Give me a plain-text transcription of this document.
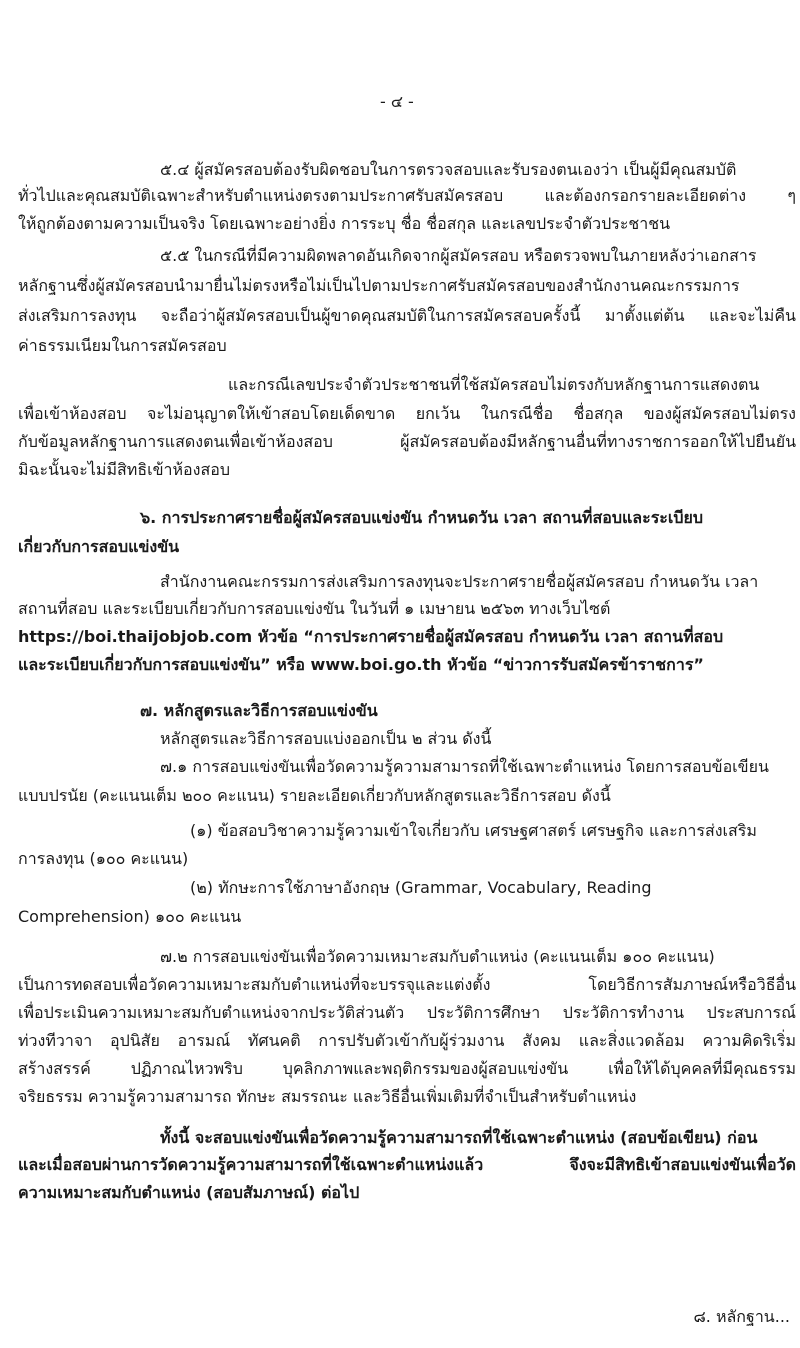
- ๔ -
๕.๔ ผู้สมัครสอบต้องรับผิดชอบในการตรวจสอบและรับรองตนเองว่า เป็นผู้มีคุณสมบัติ
ทั่วไปและคุณสมบัติเฉพาะสำหรับตำแหน่งตรงตามประกาศรับสมัครสอบ และต้องกรอกรายละเอียดต่าง ๆ
ให้ถูกต้องตามความเป็นจริง โดยเฉพาะอย่างยิ่ง การระบุ ชื่อ ชื่อสกุล และเลขประจำตัวประชาชน
๕.๕ ในกรณีที่มีความผิดพลาดอันเกิดจากผู้สมัครสอบ หรือตรวจพบในภายหลังว่าเอกสาร
หลักฐานซึ่งผู้สมัครสอบนำมายื่นไม่ตรงหรือไม่เป็นไปตามประกาศรับสมัครสอบของสำนักงานคณะกรรมการ
ส่งเสริมการลงทุน จะถือว่าผู้สมัครสอบเป็นผู้ขาดคุณสมบัติในการสมัครสอบครั้งนี้ มาตั้งแต่ต้น และจะไม่คืน
ค่าธรรมเนียมในการสมัครสอบ
และกรณีเลขประจำตัวประชาชนที่ใช้สมัครสอบไม่ตรงกับหลักฐานการแสดงตน
เพื่อเข้าห้องสอบ จะไม่อนุญาตให้เข้าสอบโดยเด็ดขาด ยกเว้น ในกรณีชื่อ ชื่อสกุล ของผู้สมัครสอบไม่ตรง
กับข้อมูลหลักฐานการแสดงตนเพื่อเข้าห้องสอบ ผู้สมัครสอบต้องมีหลักฐานอื่นที่ทางราชการออกให้ไปยืนยัน
มิฉะนั้นจะไม่มีสิทธิเข้าห้องสอบ
๖. การประกาศรายชื่อผู้สมัครสอบแข่งขัน กำหนดวัน เวลา สถานที่สอบและระเบียบ
เกี่ยวกับการสอบแข่งขัน
สำนักงานคณะกรรมการส่งเสริมการลงทุนจะประกาศรายชื่อผู้สมัครสอบ กำหนดวัน เวลา
สถานที่สอบ และระเบียบเกี่ยวกับการสอบแข่งขัน ในวันที่ ๑ เมษายน ๒๕๖๓ ทางเว็บไซต์
https://boi.thaijobjob.com หัวข้อ “การประกาศรายชื่อผู้สมัครสอบ กำหนดวัน เวลา สถานที่สอบ
และระเบียบเกี่ยวกับการสอบแข่งขัน” หรือ www.boi.go.th หัวข้อ “ข่าวการรับสมัครข้าราชการ”
๗. หลักสูตรและวิธีการสอบแข่งขัน
หลักสูตรและวิธีการสอบแบ่งออกเป็น ๒ ส่วน ดังนี้
๗.๑ การสอบแข่งขันเพื่อวัดความรู้ความสามารถที่ใช้เฉพาะตำแหน่ง โดยการสอบข้อเขียน
แบบปรนัย (คะแนนเต็ม ๒๐๐ คะแนน) รายละเอียดเกี่ยวกับหลักสูตรและวิธีการสอบ ดังนี้
(๑) ข้อสอบวิชาความรู้ความเข้าใจเกี่ยวกับ เศรษฐศาสตร์ เศรษฐกิจ และการส่งเสริม
การลงทุน (๑๐๐ คะแนน)
(๒) ทักษะการใช้ภาษาอังกฤษ (Grammar, Vocabulary, Reading
Comprehension) ๑๐๐ คะแนน
๗.๒ การสอบแข่งขันเพื่อวัดความเหมาะสมกับตำแหน่ง (คะแนนเต็ม ๑๐๐ คะแนน)
เป็นการทดสอบเพื่อวัดความเหมาะสมกับตำแหน่งที่จะบรรจุและแต่งตั้ง โดยวิธีการสัมภาษณ์หรือวิธีอื่น
เพื่อประเมินความเหมาะสมกับตำแหน่งจากประวัติส่วนตัว ประวัติการศึกษา ประวัติการทำงาน ประสบการณ์
ท่วงทีวาจา อุปนิสัย อารมณ์ ทัศนคติ การปรับตัวเข้ากับผู้ร่วมงาน สังคม และสิ่งแวดล้อม ความคิดริเริ่ม
สร้างสรรค์ ปฏิภาณไหวพริบ บุคลิกภาพและพฤติกรรมของผู้สอบแข่งขัน เพื่อให้ได้บุคคลที่มีคุณธรรม
จริยธรรม ความรู้ความสามารถ ทักษะ สมรรถนะ และวิธีอื่นเพิ่มเติมที่จำเป็นสำหรับตำแหน่ง
ทั้งนี้ จะสอบแข่งขันเพื่อวัดความรู้ความสามารถที่ใช้เฉพาะตำแหน่ง (สอบข้อเขียน) ก่อน
และเมื่อสอบผ่านการวัดความรู้ความสามารถที่ใช้เฉพาะตำแหน่งแล้ว จึงจะมีสิทธิเข้าสอบแข่งขันเพื่อวัด
ความเหมาะสมกับตำแหน่ง (สอบสัมภาษณ์) ต่อไป
๘. หลักฐาน...
